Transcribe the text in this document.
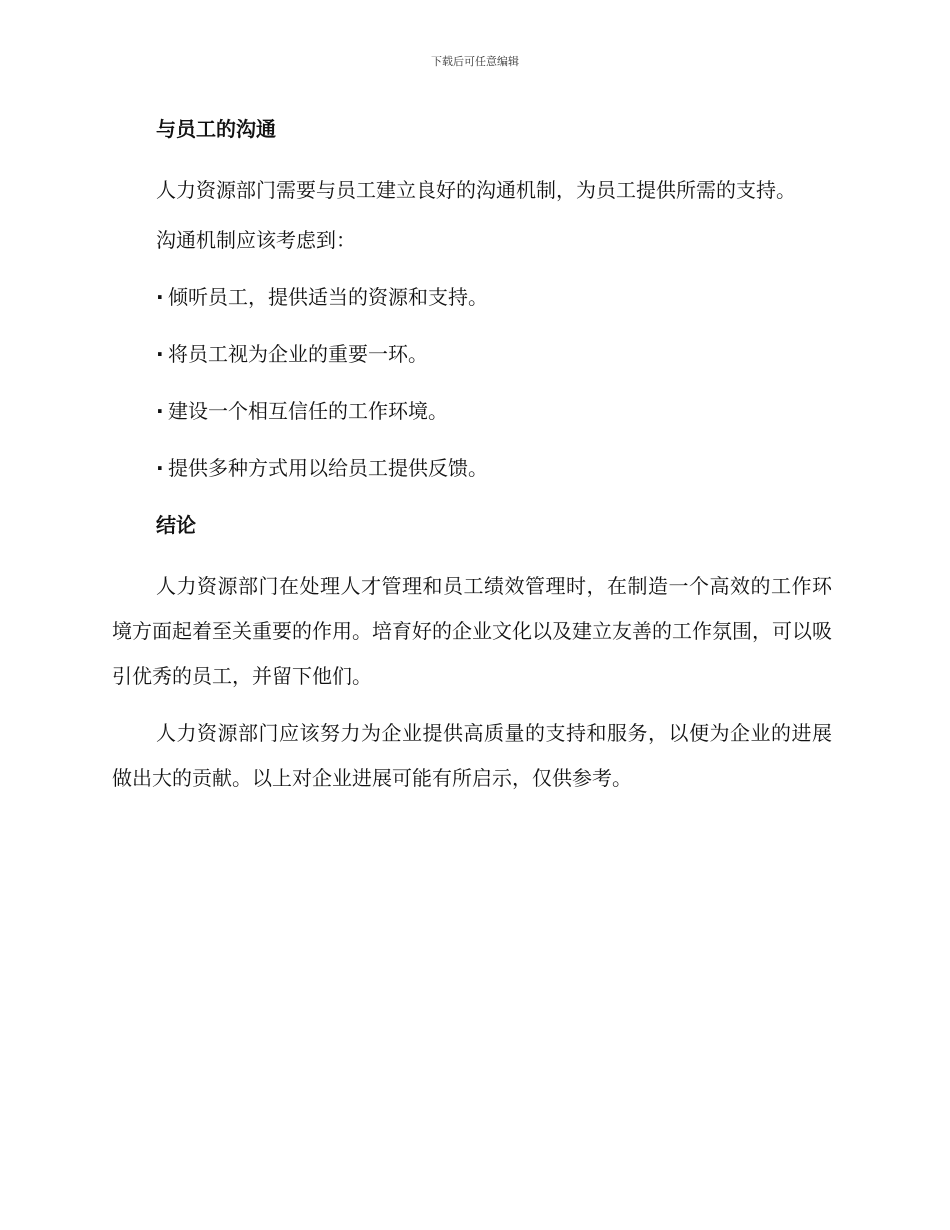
下载后可任意编辑
与员工的沟通

人力资源部门需要与员工建立良好的沟通机制，为员工提供所需的支持。

沟通机制应该考虑到：
· 倾听员工，提供适当的资源和支持。
· 将员工视为企业的重要一环。
· 建设一个相互信任的工作环境。
· 提供多种方式用以给员工提供反馈。
结论

人力资源部门在处理人才管理和员工绩效管理时，在制造一个高效的工作环境方面起着至关重要的作用。培育好的企业文化以及建立友善的工作氛围，可以吸引优秀的员工，并留下他们。

人力资源部门应该努力为企业提供高质量的支持和服务，以便为企业的进展做出大的贡献。以上对企业进展可能有所启示，仅供参考。
